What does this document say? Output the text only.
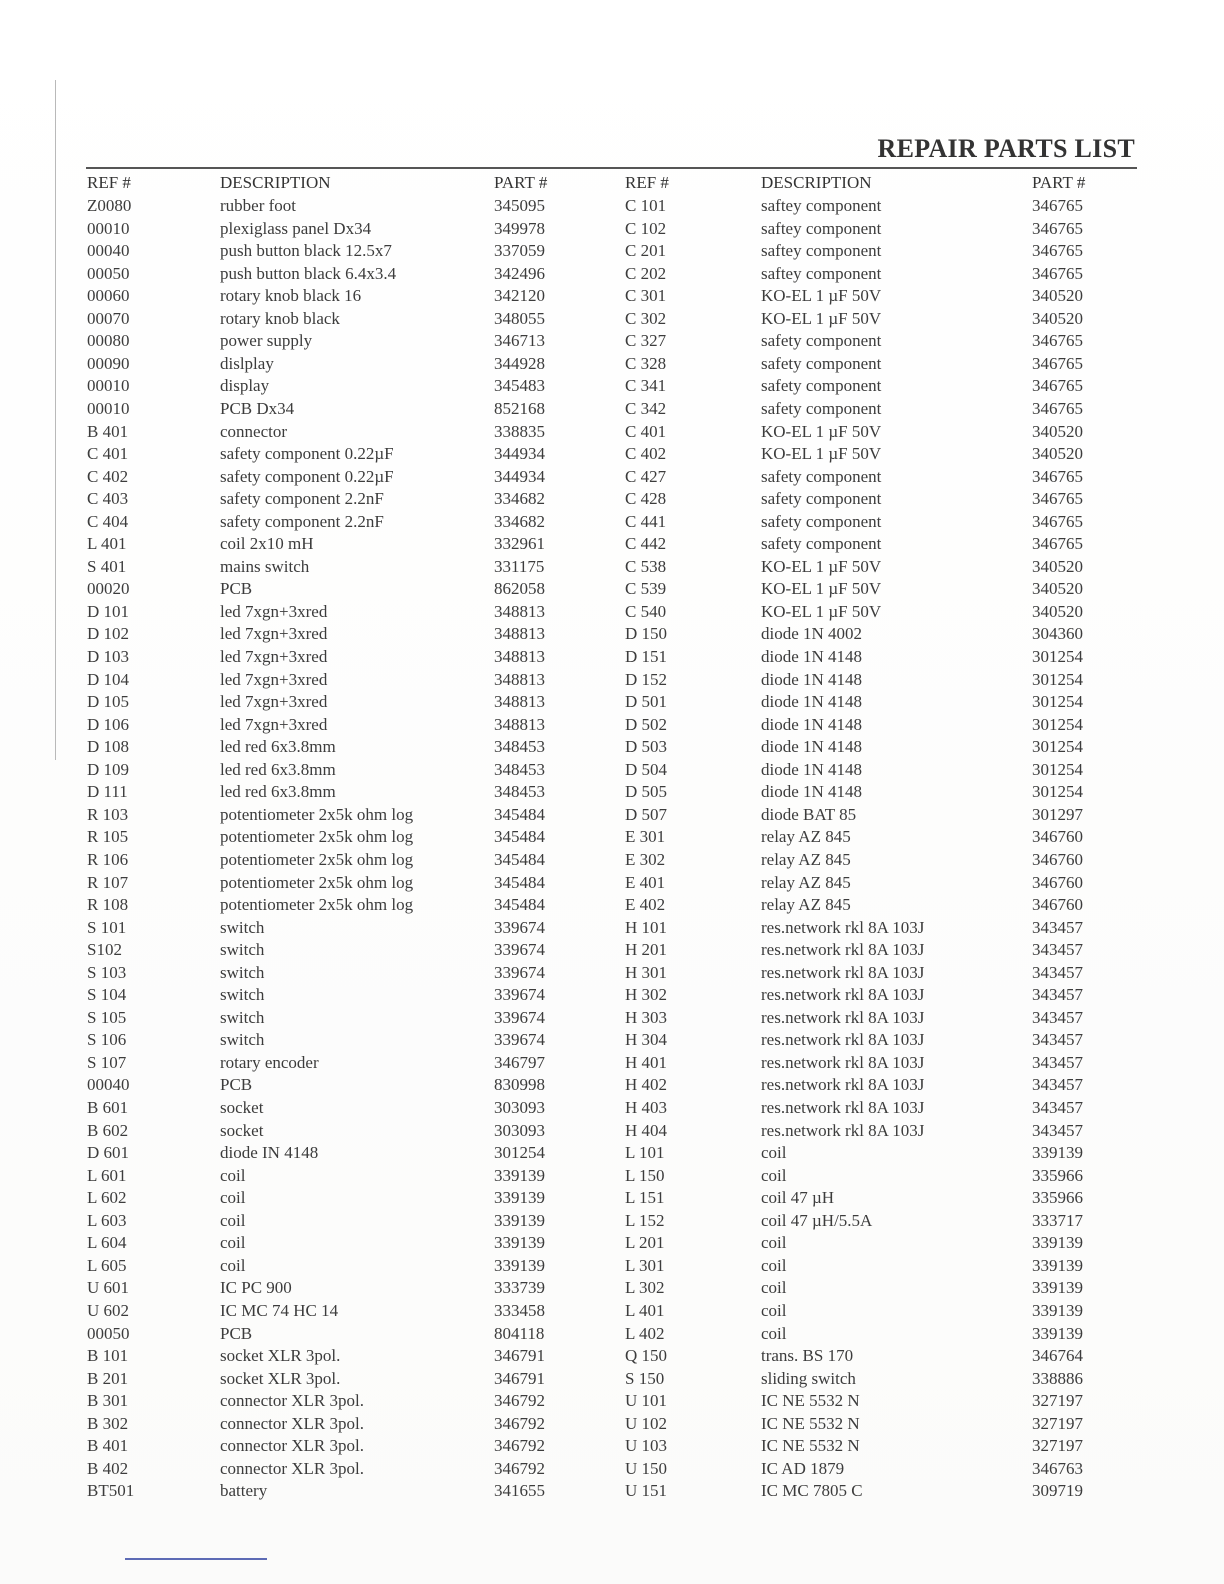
REPAIR PARTS LIST
REF #	DESCRIPTION	PART #	REF #	DESCRIPTION	PART #
Z0080	rubber foot	345095	C 101	saftey component	346765
00010	plexiglass panel Dx34	349978	C 102	saftey component	346765
00040	push button black 12.5x7	337059	C 201	saftey component	346765
00050	push button black 6.4x3.4	342496	C 202	saftey component	346765
00060	rotary knob black 16	342120	C 301	KO-EL 1 µF 50V	340520
00070	rotary knob black	348055	C 302	KO-EL 1 µF 50V	340520
00080	power supply	346713	C 327	safety component	346765
00090	dislplay	344928	C 328	safety component	346765
00010	display	345483	C 341	safety component	346765
00010	PCB Dx34	852168	C 342	safety component	346765
B 401	connector	338835	C 401	KO-EL 1 µF 50V	340520
C 401	safety component 0.22µF	344934	C 402	KO-EL 1 µF 50V	340520
C 402	safety component 0.22µF	344934	C 427	safety component	346765
C 403	safety component 2.2nF	334682	C 428	safety component	346765
C 404	safety component 2.2nF	334682	C 441	safety component	346765
L 401	coil 2x10 mH	332961	C 442	safety component	346765
S 401	mains switch	331175	C 538	KO-EL 1 µF 50V	340520
00020	PCB	862058	C 539	KO-EL 1 µF 50V	340520
D 101	led 7xgn+3xred	348813	C 540	KO-EL 1 µF 50V	340520
D 102	led 7xgn+3xred	348813	D 150	diode 1N 4002	304360
D 103	led 7xgn+3xred	348813	D 151	diode 1N 4148	301254
D 104	led 7xgn+3xred	348813	D 152	diode 1N 4148	301254
D 105	led 7xgn+3xred	348813	D 501	diode 1N 4148	301254
D 106	led 7xgn+3xred	348813	D 502	diode 1N 4148	301254
D 108	led red 6x3.8mm	348453	D 503	diode 1N 4148	301254
D 109	led red 6x3.8mm	348453	D 504	diode 1N 4148	301254
D 111	led red 6x3.8mm	348453	D 505	diode 1N 4148	301254
R 103	potentiometer 2x5k ohm log	345484	D 507	diode BAT 85	301297
R 105	potentiometer 2x5k ohm log	345484	E 301	relay AZ 845	346760
R 106	potentiometer 2x5k ohm log	345484	E 302	relay AZ 845	346760
R 107	potentiometer 2x5k ohm log	345484	E 401	relay AZ 845	346760
R 108	potentiometer 2x5k ohm log	345484	E 402	relay AZ 845	346760
S 101	switch	339674	H 101	res.network rkl 8A 103J	343457
S102	switch	339674	H 201	res.network rkl 8A 103J	343457
S 103	switch	339674	H 301	res.network rkl 8A 103J	343457
S 104	switch	339674	H 302	res.network rkl 8A 103J	343457
S 105	switch	339674	H 303	res.network rkl 8A 103J	343457
S 106	switch	339674	H 304	res.network rkl 8A 103J	343457
S 107	rotary encoder	346797	H 401	res.network rkl 8A 103J	343457
00040	PCB	830998	H 402	res.network rkl 8A 103J	343457
B 601	socket	303093	H 403	res.network rkl 8A 103J	343457
B 602	socket	303093	H 404	res.network rkl 8A 103J	343457
D 601	diode IN 4148	301254	L 101	coil	339139
L 601	coil	339139	L 150	coil	335966
L 602	coil	339139	L 151	coil 47 µH	335966
L 603	coil	339139	L 152	coil 47 µH/5.5A	333717
L 604	coil	339139	L 201	coil	339139
L 605	coil	339139	L 301	coil	339139
U 601	IC PC 900	333739	L 302	coil	339139
U 602	IC MC 74 HC 14	333458	L 401	coil	339139
00050	PCB	804118	L 402	coil	339139
B 101	socket XLR 3pol.	346791	Q 150	trans. BS 170	346764
B 201	socket XLR 3pol.	346791	S 150	sliding switch	338886
B 301	connector XLR 3pol.	346792	U 101	IC NE 5532 N	327197
B 302	connector XLR 3pol.	346792	U 102	IC NE 5532 N	327197
B 401	connector XLR 3pol.	346792	U 103	IC NE 5532 N	327197
B 402	connector XLR 3pol.	346792	U 150	IC AD 1879	346763
BT501	battery	341655	U 151	IC MC 7805 C	309719
